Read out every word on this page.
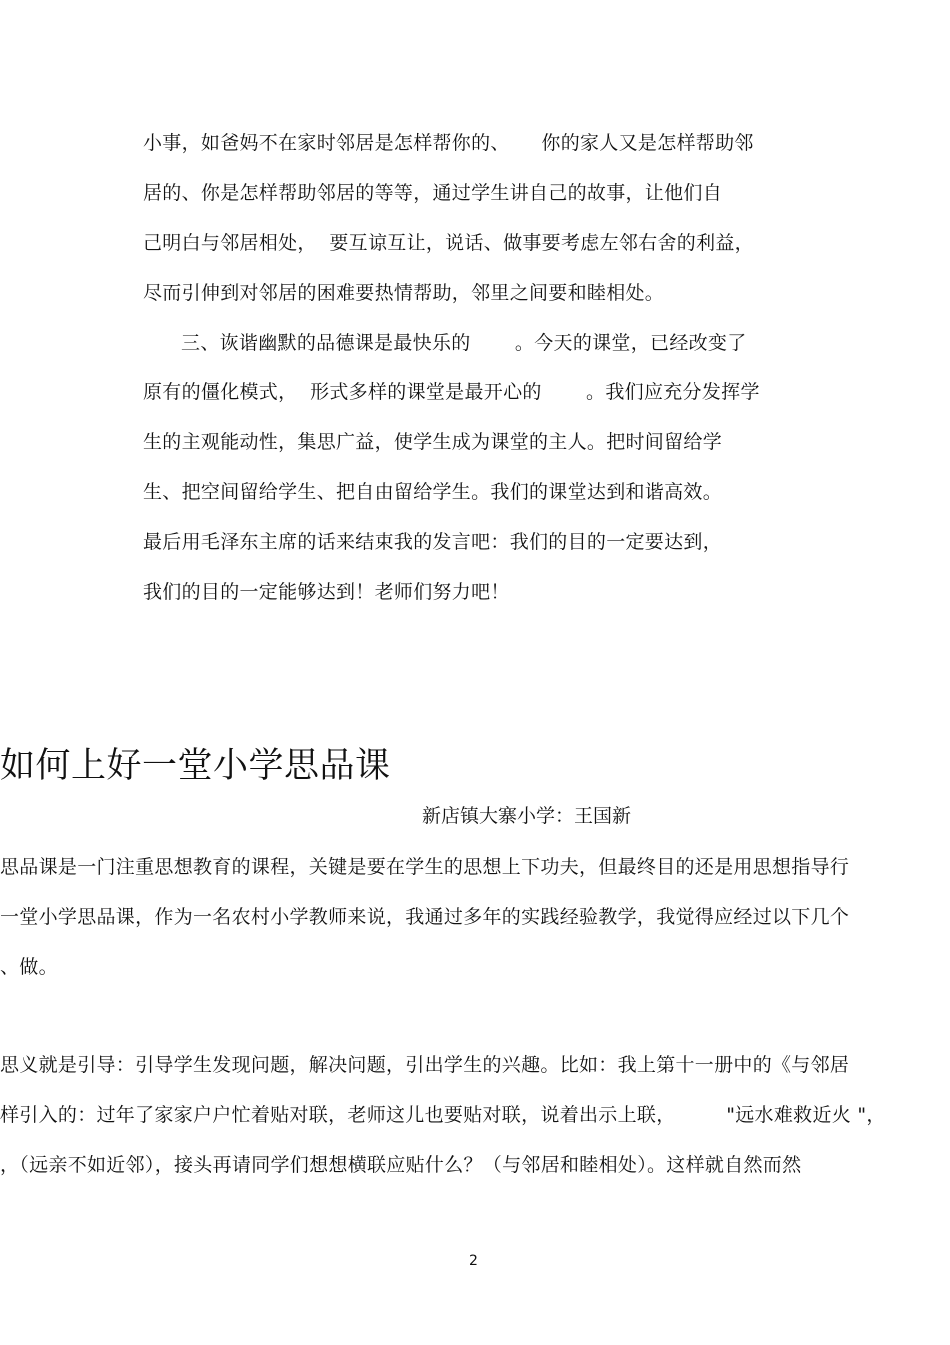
小事，如爸妈不在家时邻居是怎样帮你的、     你的家人又是怎样帮助邻
居的、你是怎样帮助邻居的等等，通过学生讲自己的故事，让他们自
己明白与邻居相处，  要互谅互让，说话、做事要考虑左邻右舍的利益，
尽而引伸到对邻居的困难要热情帮助，邻里之间要和睦相处。
三、诙谐幽默的品德课是最快乐的       。今天的课堂，已经改变了
原有的僵化模式，  形式多样的课堂是最开心的       。我们应充分发挥学
生的主观能动性，集思广益，使学生成为课堂的主人。把时间留给学
生、把空间留给学生、把自由留给学生。我们的课堂达到和谐高效。
最后用毛泽东主席的话来结束我的发言吧：我们的目的一定要达到，
我们的目的一定能够达到！老师们努力吧！
如何上好一堂小学思品课
新店镇大寨小学：王国新
思品课是一门注重思想教育的课程，关键是要在学生的思想上下功夫，但最终目的还是用思想指导行
一堂小学思品课，作为一名农村小学教师来说，我通过多年的实践经验教学，我觉得应经过以下几个
、做。
思义就是引导：引导学生发现问题，解决问题，引出学生的兴趣。比如：我上第十一册中的《与邻居
样引入的：过年了家家户户忙着贴对联，老师这儿也要贴对联，说着出示上联，        "远水难救近火 "，
，（远亲不如近邻），接头再请同学们想想横联应贴什么？（与邻居和睦相处）。这样就自然而然
2
